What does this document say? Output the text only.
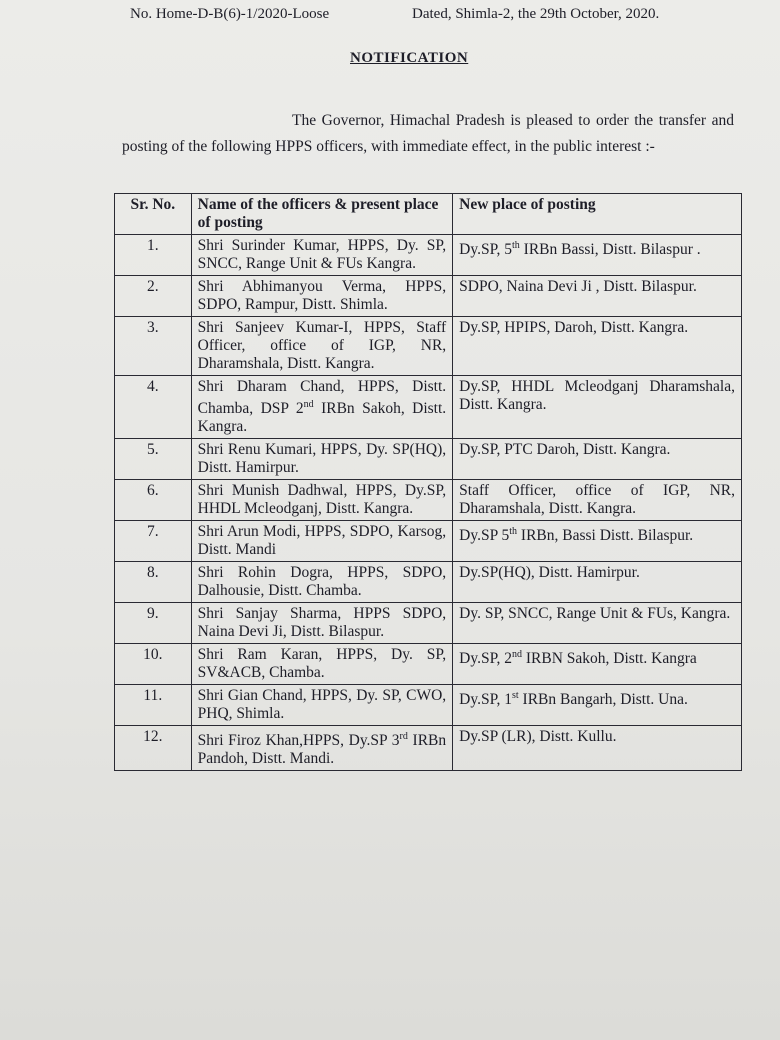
No. Home-D-B(6)-1/2020-Loose	Dated, Shimla-2, the 29th October, 2020.
NOTIFICATION
The Governor, Himachal Pradesh is pleased to order the transfer and posting of the following HPPS officers, with immediate effect, in the public interest :-
Sr. No.	Name of the officers & present place of posting	New place of posting
1.	Shri Surinder Kumar, HPPS, Dy. SP, SNCC, Range Unit & FUs Kangra.	Dy.SP, 5th IRBn Bassi, Distt. Bilaspur .
2.	Shri Abhimanyou Verma, HPPS, SDPO, Rampur, Distt. Shimla.	SDPO, Naina Devi Ji , Distt. Bilaspur.
3.	Shri Sanjeev Kumar-I, HPPS, Staff Officer, office of IGP, NR, Dharamshala, Distt. Kangra.	Dy.SP, HPIPS, Daroh, Distt. Kangra.
4.	Shri Dharam Chand, HPPS, Distt. Chamba, DSP 2nd IRBn Sakoh, Distt. Kangra.	Dy.SP, HHDL Mcleodganj Dharamshala, Distt. Kangra.
5.	Shri Renu Kumari, HPPS, Dy. SP(HQ), Distt. Hamirpur.	Dy.SP, PTC Daroh, Distt. Kangra.
6.	Shri Munish Dadhwal, HPPS, Dy.SP, HHDL Mcleodganj, Distt. Kangra.	Staff Officer, office of IGP, NR, Dharamshala, Distt. Kangra.
7.	Shri Arun Modi, HPPS, SDPO, Karsog, Distt. Mandi	Dy.SP 5th IRBn, Bassi Distt. Bilaspur.
8.	Shri Rohin Dogra, HPPS, SDPO, Dalhousie, Distt. Chamba.	Dy.SP(HQ), Distt. Hamirpur.
9.	Shri Sanjay Sharma, HPPS SDPO, Naina Devi Ji, Distt. Bilaspur.	Dy. SP, SNCC, Range Unit & FUs, Kangra.
10.	Shri Ram Karan, HPPS, Dy. SP, SV&ACB, Chamba.	Dy.SP, 2nd IRBN Sakoh, Distt. Kangra
11.	Shri Gian Chand, HPPS, Dy. SP, CWO, PHQ, Shimla.	Dy.SP, 1st IRBn Bangarh, Distt. Una.
12.	Shri Firoz Khan,HPPS, Dy.SP 3rd IRBn Pandoh, Distt. Mandi.	Dy.SP (LR), Distt. Kullu.
